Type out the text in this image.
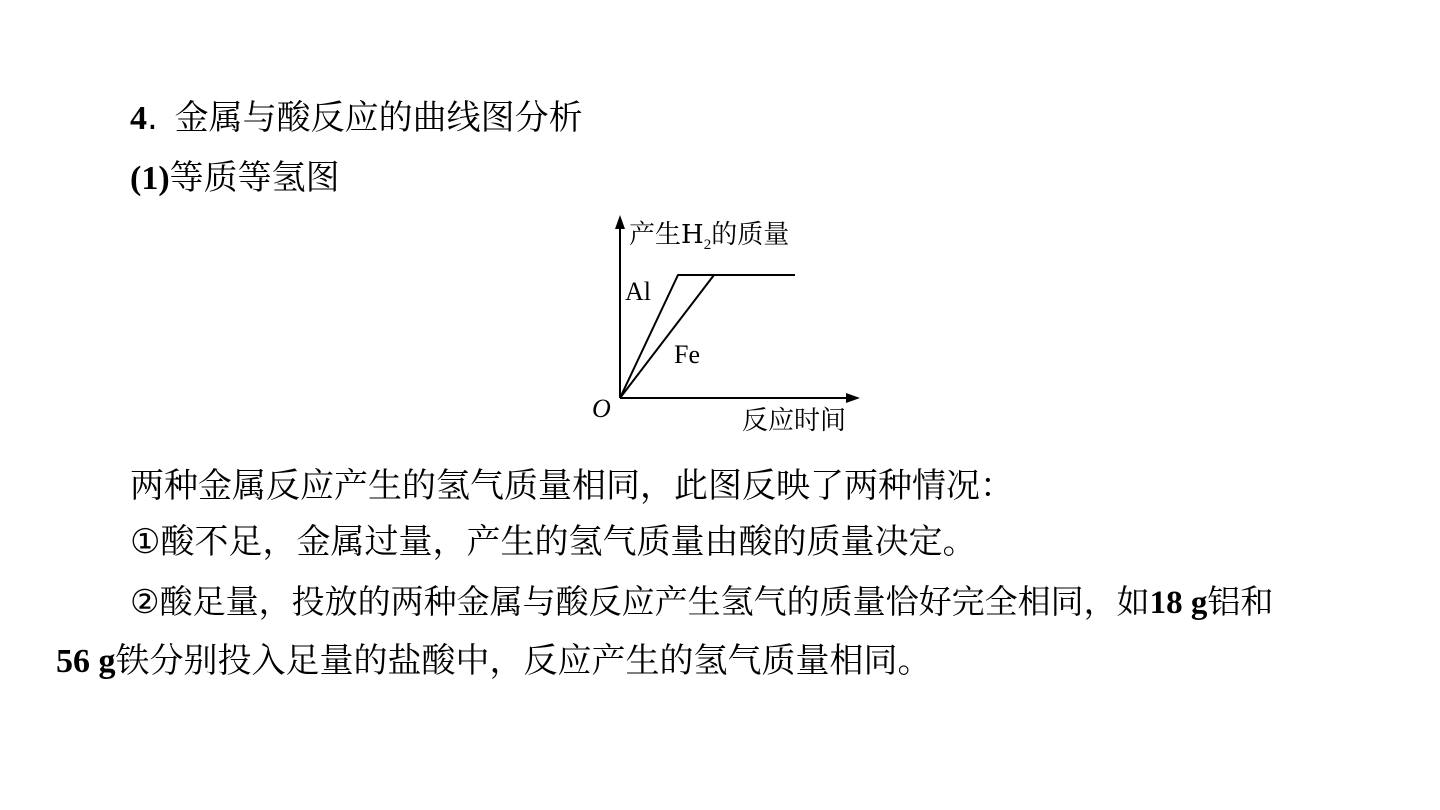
4. 金属与酸反应的曲线图分析
(1)等质等氢图
产生$H_2$的质量
Al
Fe
O	反应时间
两种金属反应产生的氢气质量相同，此图反映了两种情况：
①酸不足，金属过量，产生的氢气质量由酸的质量决定。
②酸足量，投放的两种金属与酸反应产生氢气的质量恰好完全相同，如18 g铝和
56 g铁分别投入足量的盐酸中，反应产生的氢气质量相同。
